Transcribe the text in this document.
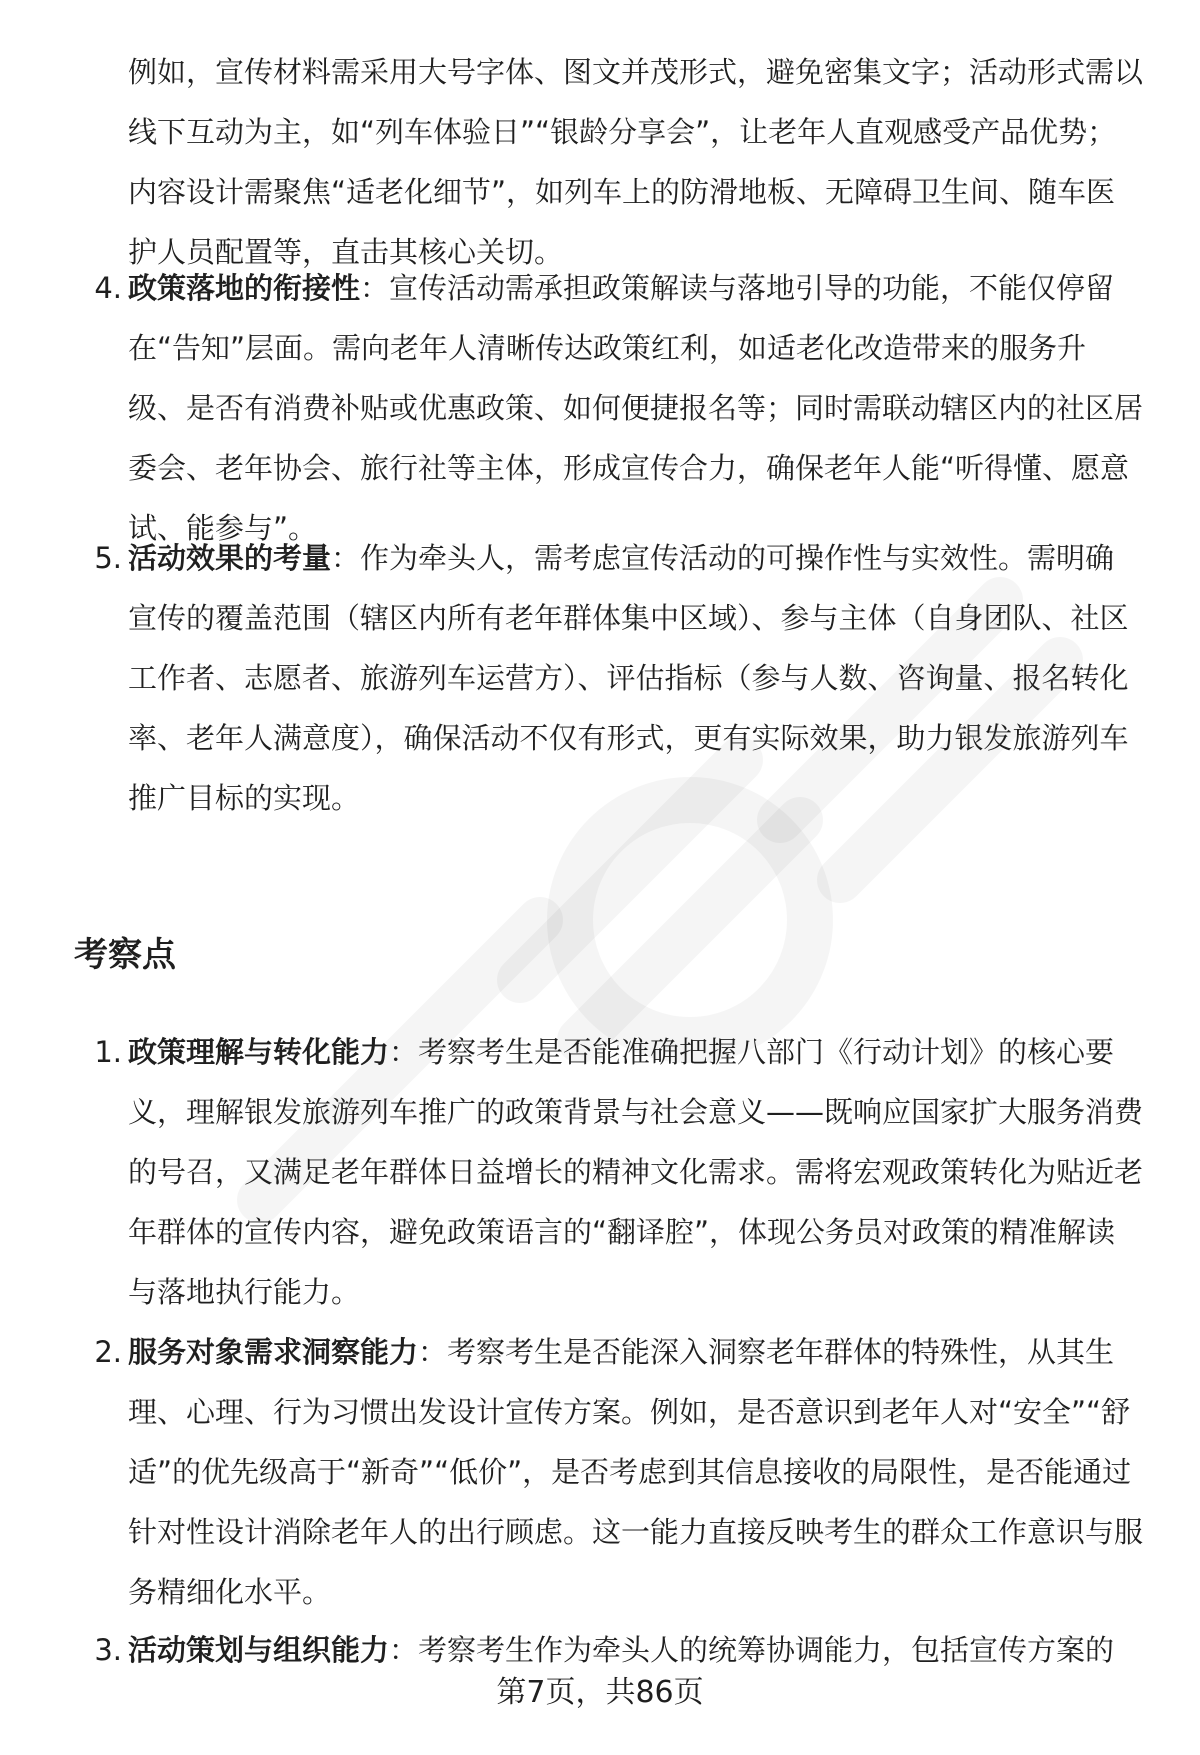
例如，宣传材料需采用大号字体、图文并茂形式，避免密集文字；活动形式需以线下互动为主，如“列车体验日”“银龄分享会”，让老年人直观感受产品优势；内容设计需聚焦“适老化细节”，如列车上的防滑地板、无障碍卫生间、随车医护人员配置等，直击其核心关切。
4. 政策落地的衔接性：宣传活动需承担政策解读与落地引导的功能，不能仅停留在“告知”层面。需向老年人清晰传达政策红利，如适老化改造带来的服务升级、是否有消费补贴或优惠政策、如何便捷报名等；同时需联动辖区内的社区居委会、老年协会、旅行社等主体，形成宣传合力，确保老年人能“听得懂、愿意试、能参与”。
5. 活动效果的考量：作为牵头人，需考虑宣传活动的可操作性与实效性。需明确宣传的覆盖范围（辖区内所有老年群体集中区域）、参与主体（自身团队、社区工作者、志愿者、旅游列车运营方）、评估指标（参与人数、咨询量、报名转化率、老年人满意度），确保活动不仅有形式，更有实际效果，助力银发旅游列车推广目标的实现。
考察点
1. 政策理解与转化能力：考察考生是否能准确把握八部门《行动计划》的核心要义，理解银发旅游列车推广的政策背景与社会意义——既响应国家扩大服务消费的号召，又满足老年群体日益增长的精神文化需求。需将宏观政策转化为贴近老年群体的宣传内容，避免政策语言的“翻译腔”，体现公务员对政策的精准解读与落地执行能力。
2. 服务对象需求洞察能力：考察考生是否能深入洞察老年群体的特殊性，从其生理、心理、行为习惯出发设计宣传方案。例如，是否意识到老年人对“安全”“舒适”的优先级高于“新奇”“低价”，是否考虑到其信息接收的局限性，是否能通过针对性设计消除老年人的出行顾虑。这一能力直接反映考生的群众工作意识与服务精细化水平。
3. 活动策划与组织能力：考察考生作为牵头人的统筹协调能力，包括宣传方案的
第7页，共86页
